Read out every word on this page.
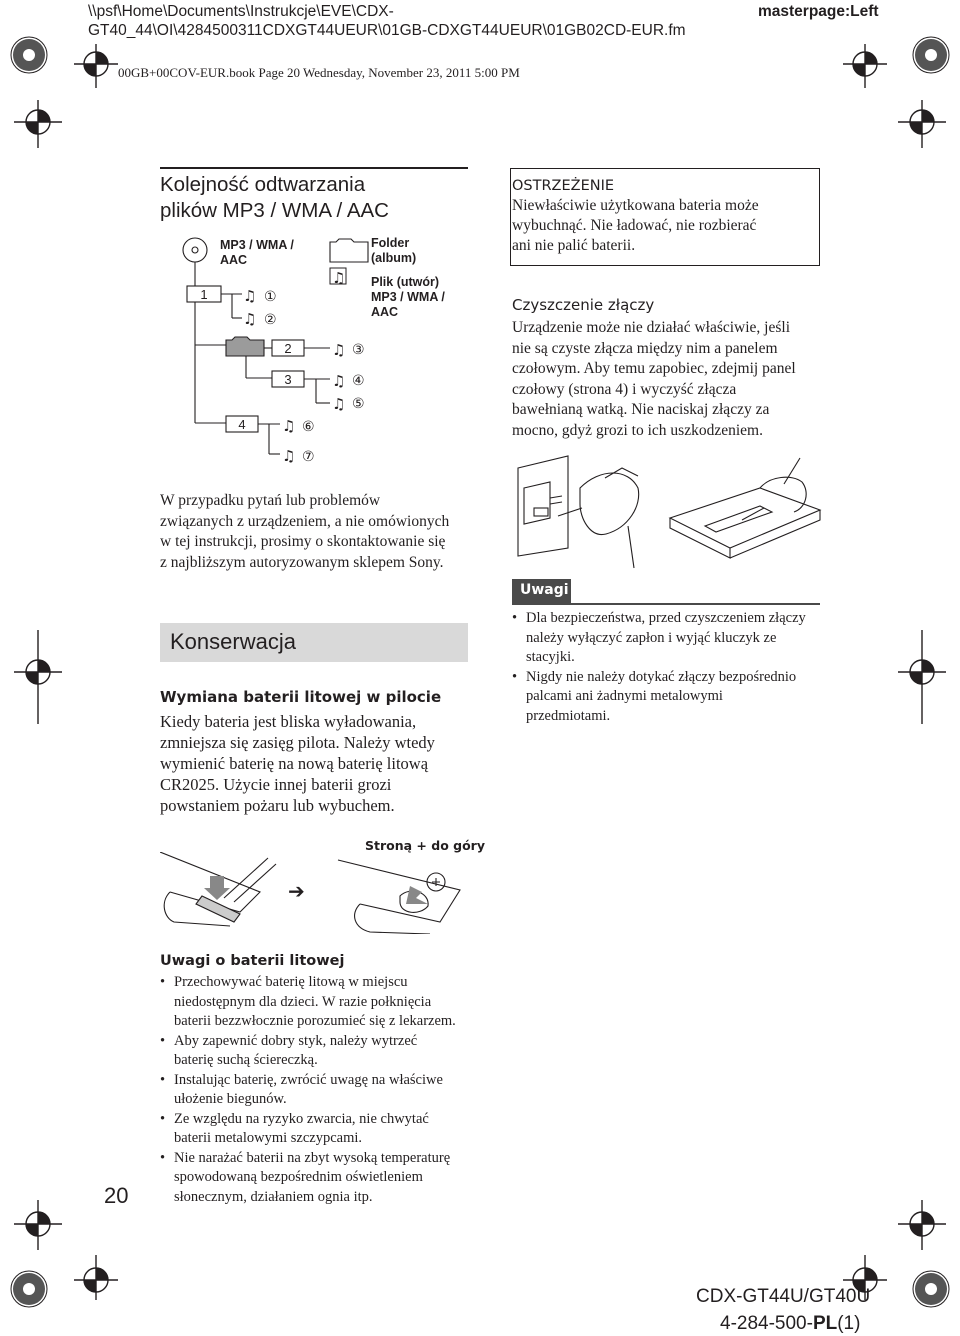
\\psf\Home\Documents\Instrukcje\EVE\CDX-
GT40_44\OI\4284500311CDXGT44UEUR\01GB-CDXGT44UEUR\01GB02CD-EUR.fm
masterpage:Left
00GB+00COV-EUR.book Page 20 Wednesday, November 23, 2011 5:00 PM
Kolejność odtwarzania
plików MP3 / WMA / AAC
♫
♫
♫
♫
♫
♫
♫
♫
1
2
3
4
①
②
③
④
⑤
⑥
⑦
MP3 / WMA /
AAC
Folder
(album)
Plik (utwór)
MP3 / WMA /
AAC
OSTRZEŻENIE
Niewłaściwie użytkowana bateria może
wybuchnąć. Nie ładować, nie rozbierać
ani nie palić baterii.
Czyszczenie złączy
Urządzenie może nie działać właściwie, jeśli
nie są czyste złącza między nim a panelem
czołowym. Aby temu zapobiec, zdejmij panel
czołowy (strona 4) i wyczyść złącza
bawełnianą watką. Nie naciskaj złączy za
mocno, gdyż grozi to ich uszkodzeniem.
W przypadku pytań lub problemów
związanych z urządzeniem, a nie omówionych
w tej instrukcji, prosimy o skontaktowanie się
z najbliższym autoryzowanym sklepem Sony.
Konserwacja
Wymiana baterii litowej w pilocie
Kiedy bateria jest bliska wyładowania,
zmniejsza się zasięg pilota. Należy wtedy
wymienić baterię na nową baterię litową
CR2025. Użycie innej baterii grozi
powstaniem pożaru lub wybuchem.
Stroną + do góry
➔
Uwagi
• Dla bezpieczeństwa, przed czyszczeniem złączy
należy wyłączyć zapłon i wyjąć kluczyk ze
stacyjki.
• Nigdy nie należy dotykać złączy bezpośrednio
palcami ani żadnymi metalowymi
przedmiotami.
Uwagi o baterii litowej
• Przechowywać baterię litową w miejscu
niedostępnym dla dzieci. W razie połknięcia
baterii bezzwłocznie porozumieć się z lekarzem.
• Aby zapewnić dobry styk, należy wytrzeć
baterię suchą ściereczką.
• Instalując baterię, zwrócić uwagę na właściwe
ułożenie biegunów.
• Ze względu na ryzyko zwarcia, nie chwytać
baterii metalowymi szczypcami.
• Nie narażać baterii na zbyt wysoką temperaturę
spowodowaną bezpośrednim oświetleniem
słonecznym, działaniem ognia itp.
20
CDX-GT44U/GT40U
4-284-500-PL(1)
